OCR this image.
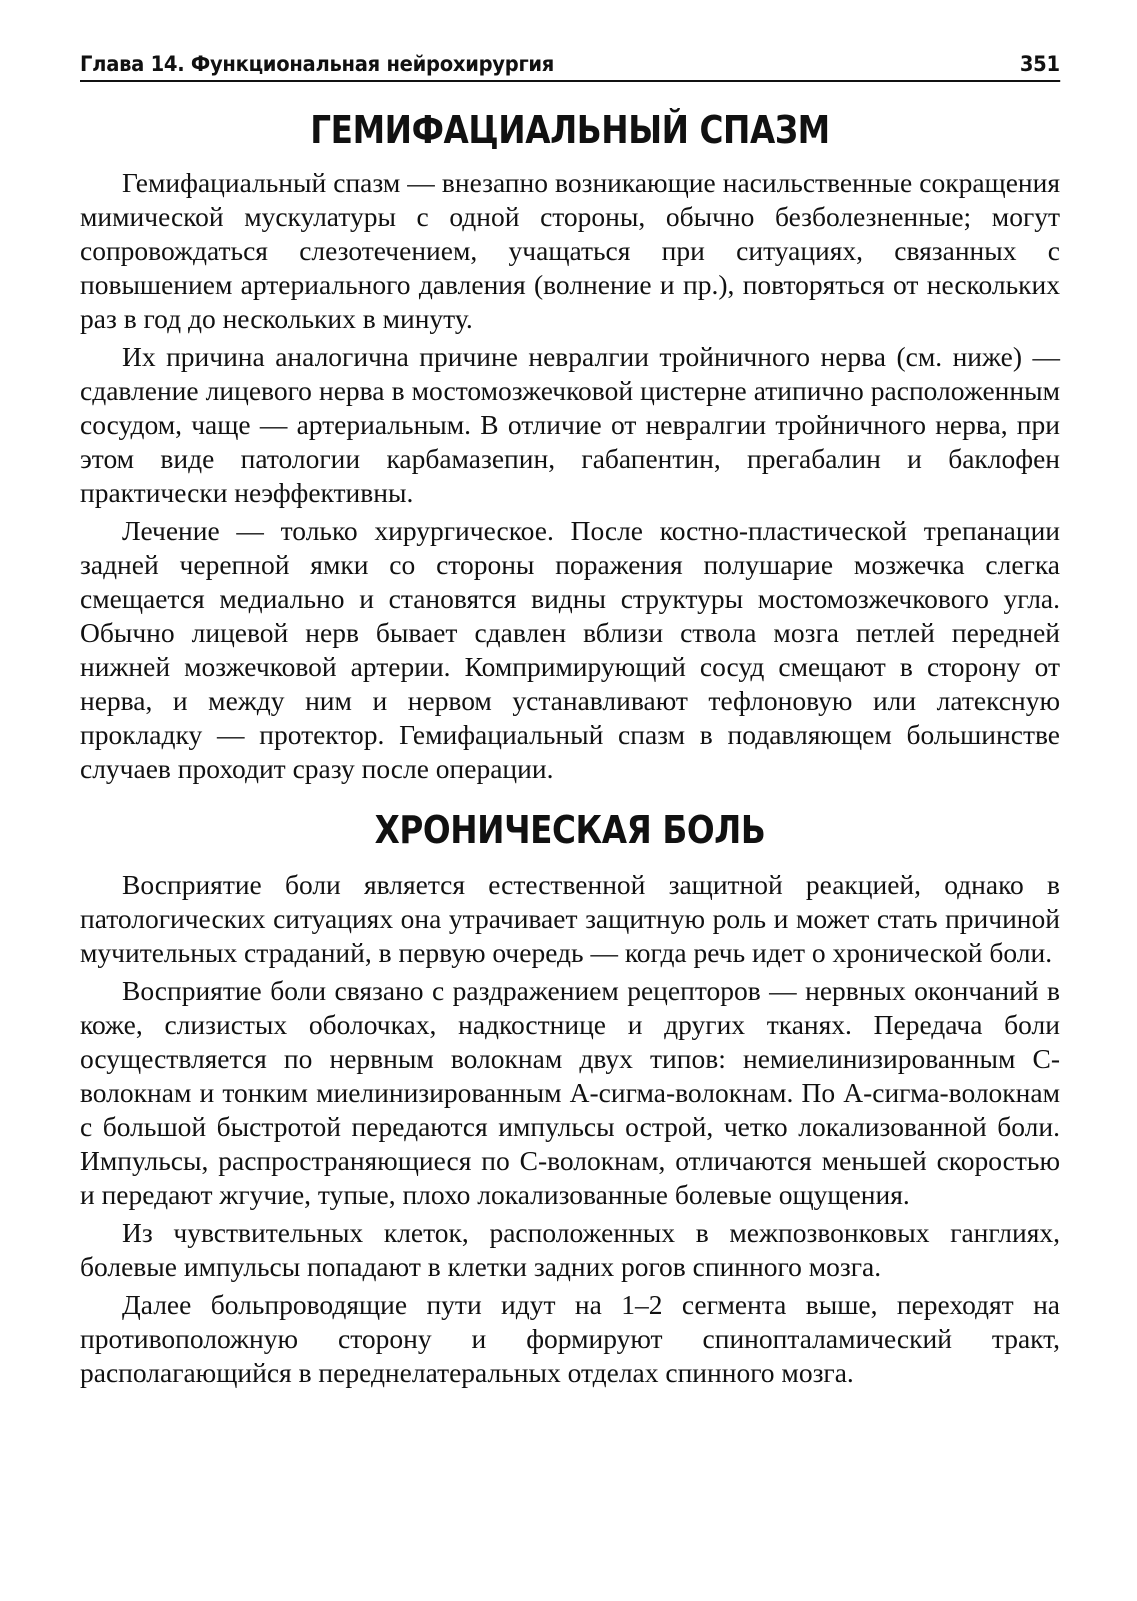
Глава 14. Функциональная нейрохирургия	351
ГЕМИФАЦИАЛЬНЫЙ СПАЗМ

Гемифациальный спазм — внезапно возникающие насильственные сокращения мимической мускулатуры с одной стороны, обычно безболезненные; могут сопровождаться слезотечением, учащаться при ситуациях, связанных с повышением артериального давления (волнение и пр.), повторяться от нескольких раз в год до нескольких в минуту.

Их причина аналогична причине невралгии тройничного нерва (см. ниже) — сдавление лицевого нерва в мостомозжечковой цистерне атипично расположенным сосудом, чаще — артериальным. В отличие от невралгии тройничного нерва, при этом виде патологии карбамазепин, габапентин, прегабалин и баклофен практически неэффективны.

Лечение — только хирургическое. После костно-пластической трепанации задней черепной ямки со стороны поражения полушарие мозжечка слегка смещается медиально и становятся видны структуры мостомозжечкового угла. Обычно лицевой нерв бывает сдавлен вблизи ствола мозга петлей передней нижней мозжечковой артерии. Компримирующий сосуд смещают в сторону от нерва, и между ним и нервом устанавливают тефлоновую или латексную прокладку — протектор. Гемифациальный спазм в подавляющем большинстве случаев проходит сразу после операции.

ХРОНИЧЕСКАЯ БОЛЬ

Восприятие боли является естественной защитной реакцией, однако в патологических ситуациях она утрачивает защитную роль и может стать причиной мучительных страданий, в первую очередь — когда речь идет о хронической боли.

Восприятие боли связано с раздражением рецепторов — нервных окончаний в коже, слизистых оболочках, надкостнице и других тканях. Передача боли осуществляется по нервным волокнам двух типов: немиелинизированным С-волокнам и тонким миелинизированным А-сигма-волокнам. По А-сигма-волокнам с большой быстротой передаются импульсы острой, четко локализованной боли. Импульсы, распространяющиеся по С-волокнам, отличаются меньшей скоростью и передают жгучие, тупые, плохо локализованные болевые ощущения.

Из чувствительных клеток, расположенных в межпозвонковых ганглиях, болевые импульсы попадают в клетки задних рогов спинного мозга.

Далее больпроводящие пути идут на 1–2 сегмента выше, переходят на противоположную сторону и формируют спинопталамический тракт, располагающийся в переднелатеральных отделах спинного мозга.
